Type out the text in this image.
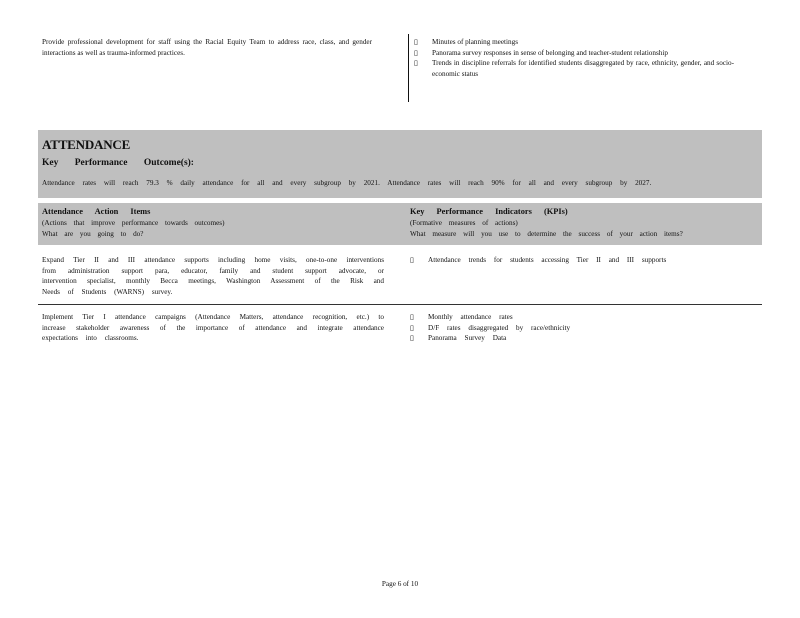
Provide professional development for staff using the Racial Equity Team to address race, class, and gender interactions as well as trauma-informed practices.
▯	Minutes of planning meetings
▯	Panorama survey responses in sense of belonging and teacher-student relationship
▯	Trends in discipline referrals for identified students disaggregated by race, ethnicity, gender, and socio-economic status
ATTENDANCE
Key Performance Outcome(s):
Attendance rates will reach 79.3 % daily attendance for all and every subgroup by 2021. Attendance rates will reach 90% for all and every subgroup by 2027.
Attendance Action Items
(Actions that improve performance towards outcomes)
What are you going to do?
Key Performance Indicators (KPIs)
(Formative measures of actions)
What measure will you use to determine the success of your action items?
Expand Tier II and III attendance supports including home visits, one-to-one interventions from administration support para, educator, family and student support advocate, or intervention specialist, monthly Becca meetings, Washington Assessment of the Risk and Needs of Students (WARNS) survey.
▯	Attendance trends for students accessing Tier II and III supports
Implement Tier I attendance campaigns (Attendance Matters, attendance recognition, etc.) to increase stakeholder awareness of the importance of attendance and integrate attendance expectations into classrooms.
▯	Monthly attendance rates
▯	D/F rates disaggregated by race/ethnicity
▯	Panorama Survey Data
Page 6 of 10
